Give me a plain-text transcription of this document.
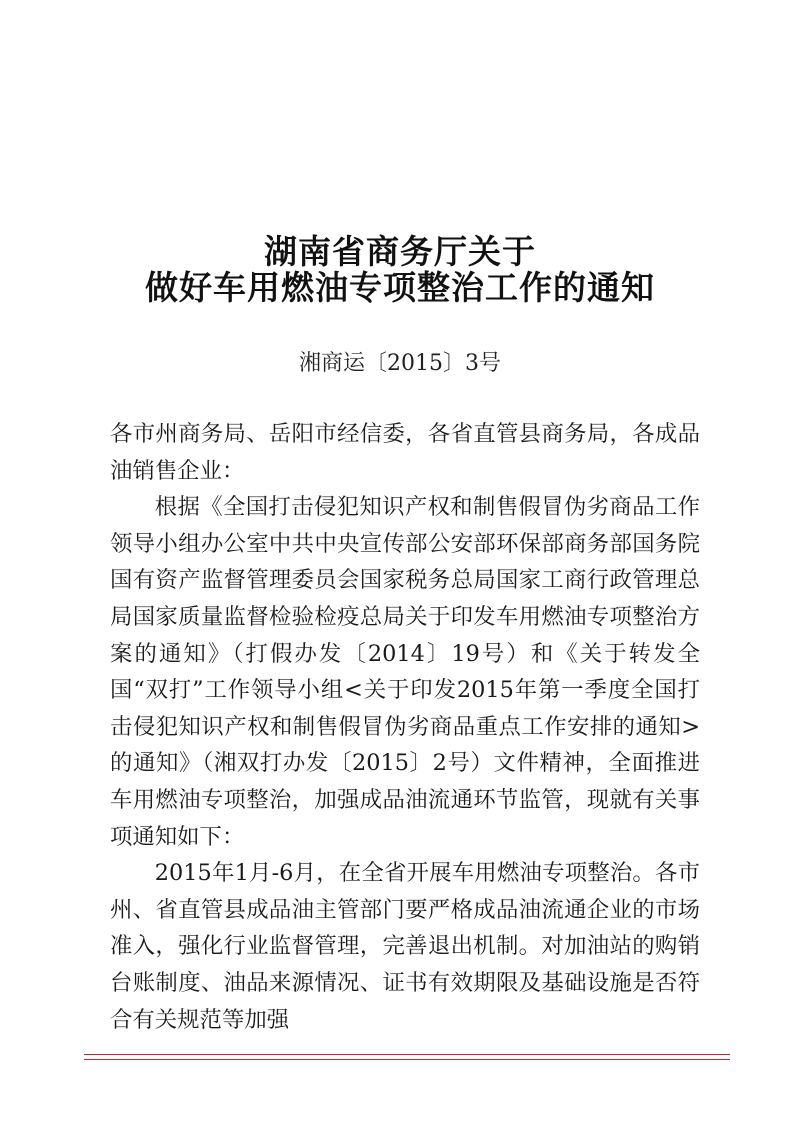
湖南省商务厅关于
做好车用燃油专项整治工作的通知
湘商运〔2015〕3号

各市州商务局、岳阳市经信委，各省直管县商务局，各成品油销售企业：

根据《全国打击侵犯知识产权和制售假冒伪劣商品工作领导小组办公室中共中央宣传部公安部环保部商务部国务院国有资产监督管理委员会国家税务总局国家工商行政管理总局国家质量监督检验检疫总局关于印发车用燃油专项整治方案的通知》（打假办发〔2014〕19号）和《关于转发全国“双打”工作领导小组<关于印发2015年第一季度全国打击侵犯知识产权和制售假冒伪劣商品重点工作安排的通知>的通知》（湘双打办发〔2015〕2号）文件精神，全面推进车用燃油专项整治，加强成品油流通环节监管，现就有关事项通知如下：

2015年1月-6月，在全省开展车用燃油专项整治。各市州、省直管县成品油主管部门要严格成品油流通企业的市场准入，强化行业监督管理，完善退出机制。对加油站的购销台账制度、油品来源情况、证书有效期限及基础设施是否符合有关规范等加强
